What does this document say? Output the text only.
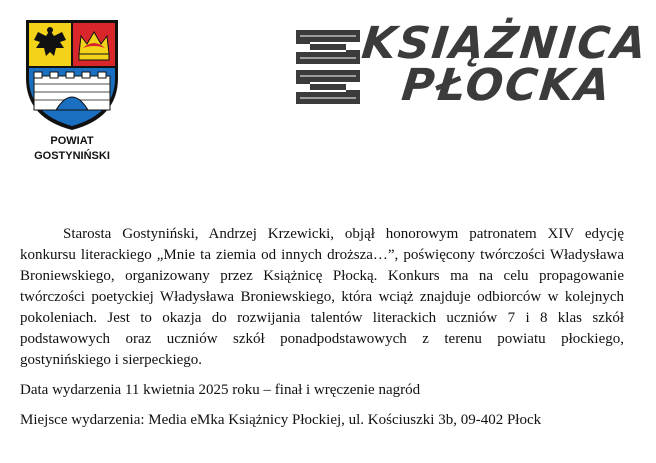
POWIAT
GOSTYNIŃSKI
KSIĄŻNICA
PŁOCKA

Starosta Gostyniński, Andrzej Krzewicki, objął honorowym patronatem XIV edycję konkursu literackiego „Mnie ta ziemia od innych droższa…”, poświęcony twórczości Władysława Broniewskiego, organizowany przez Książnicę Płocką. Konkurs ma na celu propagowanie twórczości poetyckiej Władysława Broniewskiego, która wciąż znajduje odbiorców w kolejnych pokoleniach. Jest to okazja do rozwijania talentów literackich uczniów 7 i 8 klas szkół podstawowych oraz uczniów szkół ponadpodstawowych z terenu powiatu płockiego, gostynińskiego i sierpeckiego.

Data wydarzenia 11 kwietnia 2025 roku – finał i wręczenie nagród

Miejsce wydarzenia: Media eMka Książnicy Płockiej, ul. Kościuszki 3b, 09-402 Płock
